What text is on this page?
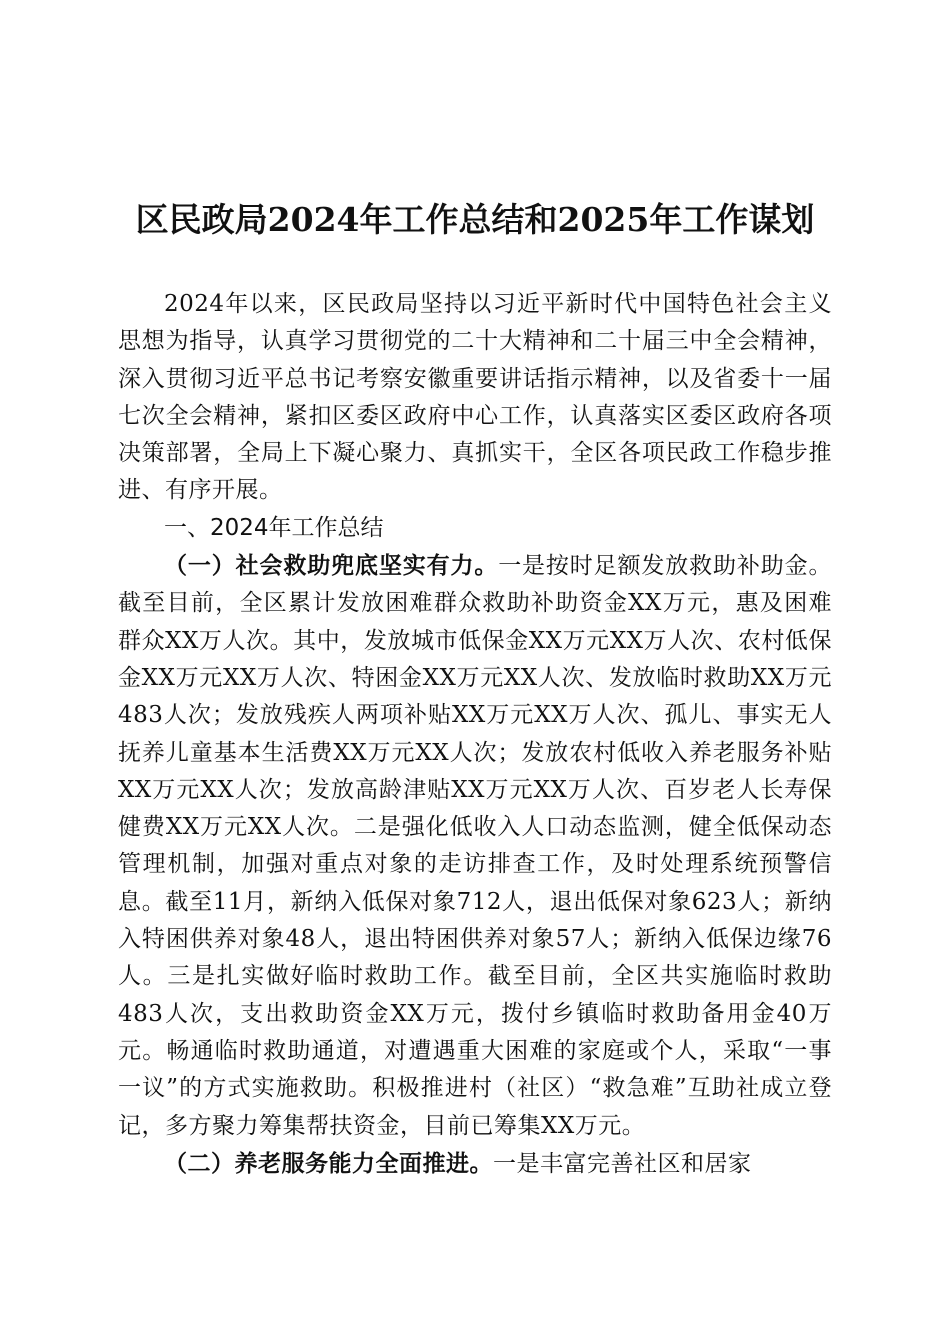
区民政局2024年工作总结和2025年工作谋划

2024年以来，区民政局坚持以习近平新时代中国特色社会主义思想为指导，认真学习贯彻党的二十大精神和二十届三中全会精神，深入贯彻习近平总书记考察安徽重要讲话指示精神，以及省委十一届七次全会精神，紧扣区委区政府中心工作，认真落实区委区政府各项决策部署，全局上下凝心聚力、真抓实干，全区各项民政工作稳步推进、有序开展。

一、2024年工作总结

（一）社会救助兜底坚实有力。一是按时足额发放救助补助金。截至目前，全区累计发放困难群众救助补助资金XX万元，惠及困难群众XX万人次。其中，发放城市低保金XX万元XX万人次、农村低保金XX万元XX万人次、特困金XX万元XX人次、发放临时救助XX万元483人次；发放残疾人两项补贴XX万元XX万人次、孤儿、事实无人抚养儿童基本生活费XX万元XX人次；发放农村低收入养老服务补贴XX万元XX人次；发放高龄津贴XX万元XX万人次、百岁老人长寿保健费XX万元XX人次。二是强化低收入人口动态监测，健全低保动态管理机制，加强对重点对象的走访排查工作，及时处理系统预警信息。截至11月，新纳入低保对象712人，退出低保对象623人；新纳入特困供养对象48人，退出特困供养对象57人；新纳入低保边缘76人。三是扎实做好临时救助工作。截至目前，全区共实施临时救助483人次，支出救助资金XX万元，拨付乡镇临时救助备用金40万元。畅通临时救助通道，对遭遇重大困难的家庭或个人，采取“一事一议”的方式实施救助。积极推进村（社区）“救急难”互助社成立登记，多方聚力筹集帮扶资金，目前已筹集XX万元。

（二）养老服务能力全面推进。一是丰富完善社区和居家
